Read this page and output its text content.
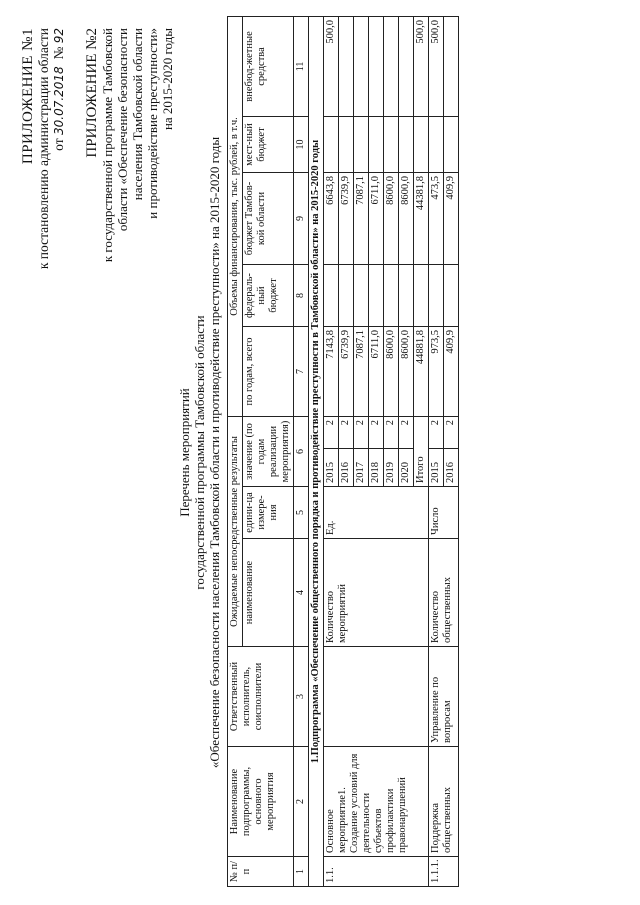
ПРИЛОЖЕНИЕ №1 к постановлению администрации области от 30.07.2018  № 92 ПРИЛОЖЕНИЕ №2 к государственной программе Тамбовской области «Обеспечение безопасности населения Тамбовской области и противодействие преступности» на 2015-2020 годы
Перечень мероприятий государственной программы Тамбовской области «Обеспечение безопасности населения Тамбовской области и противодействие преступности» на 2015-2020 годы
№ п/п	Наименование подпрограммы, основного мероприятия	Ответственный исполнитель, соисполнители	Ожидаемые непосредственные результаты				Объемы финансирования, тыс. рублей, в т.ч.				
			наименование	едини-ца измере-ния	значение (по годам реализации мероприятия)		по годам, всего	федераль-ный бюджет	бюджет Тамбов-кой области	мест-ный бюджет	внебюд-жетные средства
1	2	3	4	5	6		7	8	9	10	11
1.Подпрограмма «Обеспечение общественного порядка и противодействие преступности в Тамбовской области» на 2015-2020 годы											
1.1.	Основное мероприятие1. Создание условий для деятельности субъектов профилактики правонарушений		Количество мероприятий	Ед.	2015	2	7143,8		6643,8		500,0
					2016	2	6739,9		6739,9		
					2017	2	7087,1		7087,1		
					2018	2	6711,0		6711,0		
					2019	2	8600,0		8600,0		
					2020	2	8600,0		8600,0		
					Итого		44881,8		44381,8		500,0
1.1.1.	Поддержка общественных	Управление по вопросам	Количество общественных	Число	2015	2	973,5		473,5		500,0
					2016	2	409,9		409,9		
